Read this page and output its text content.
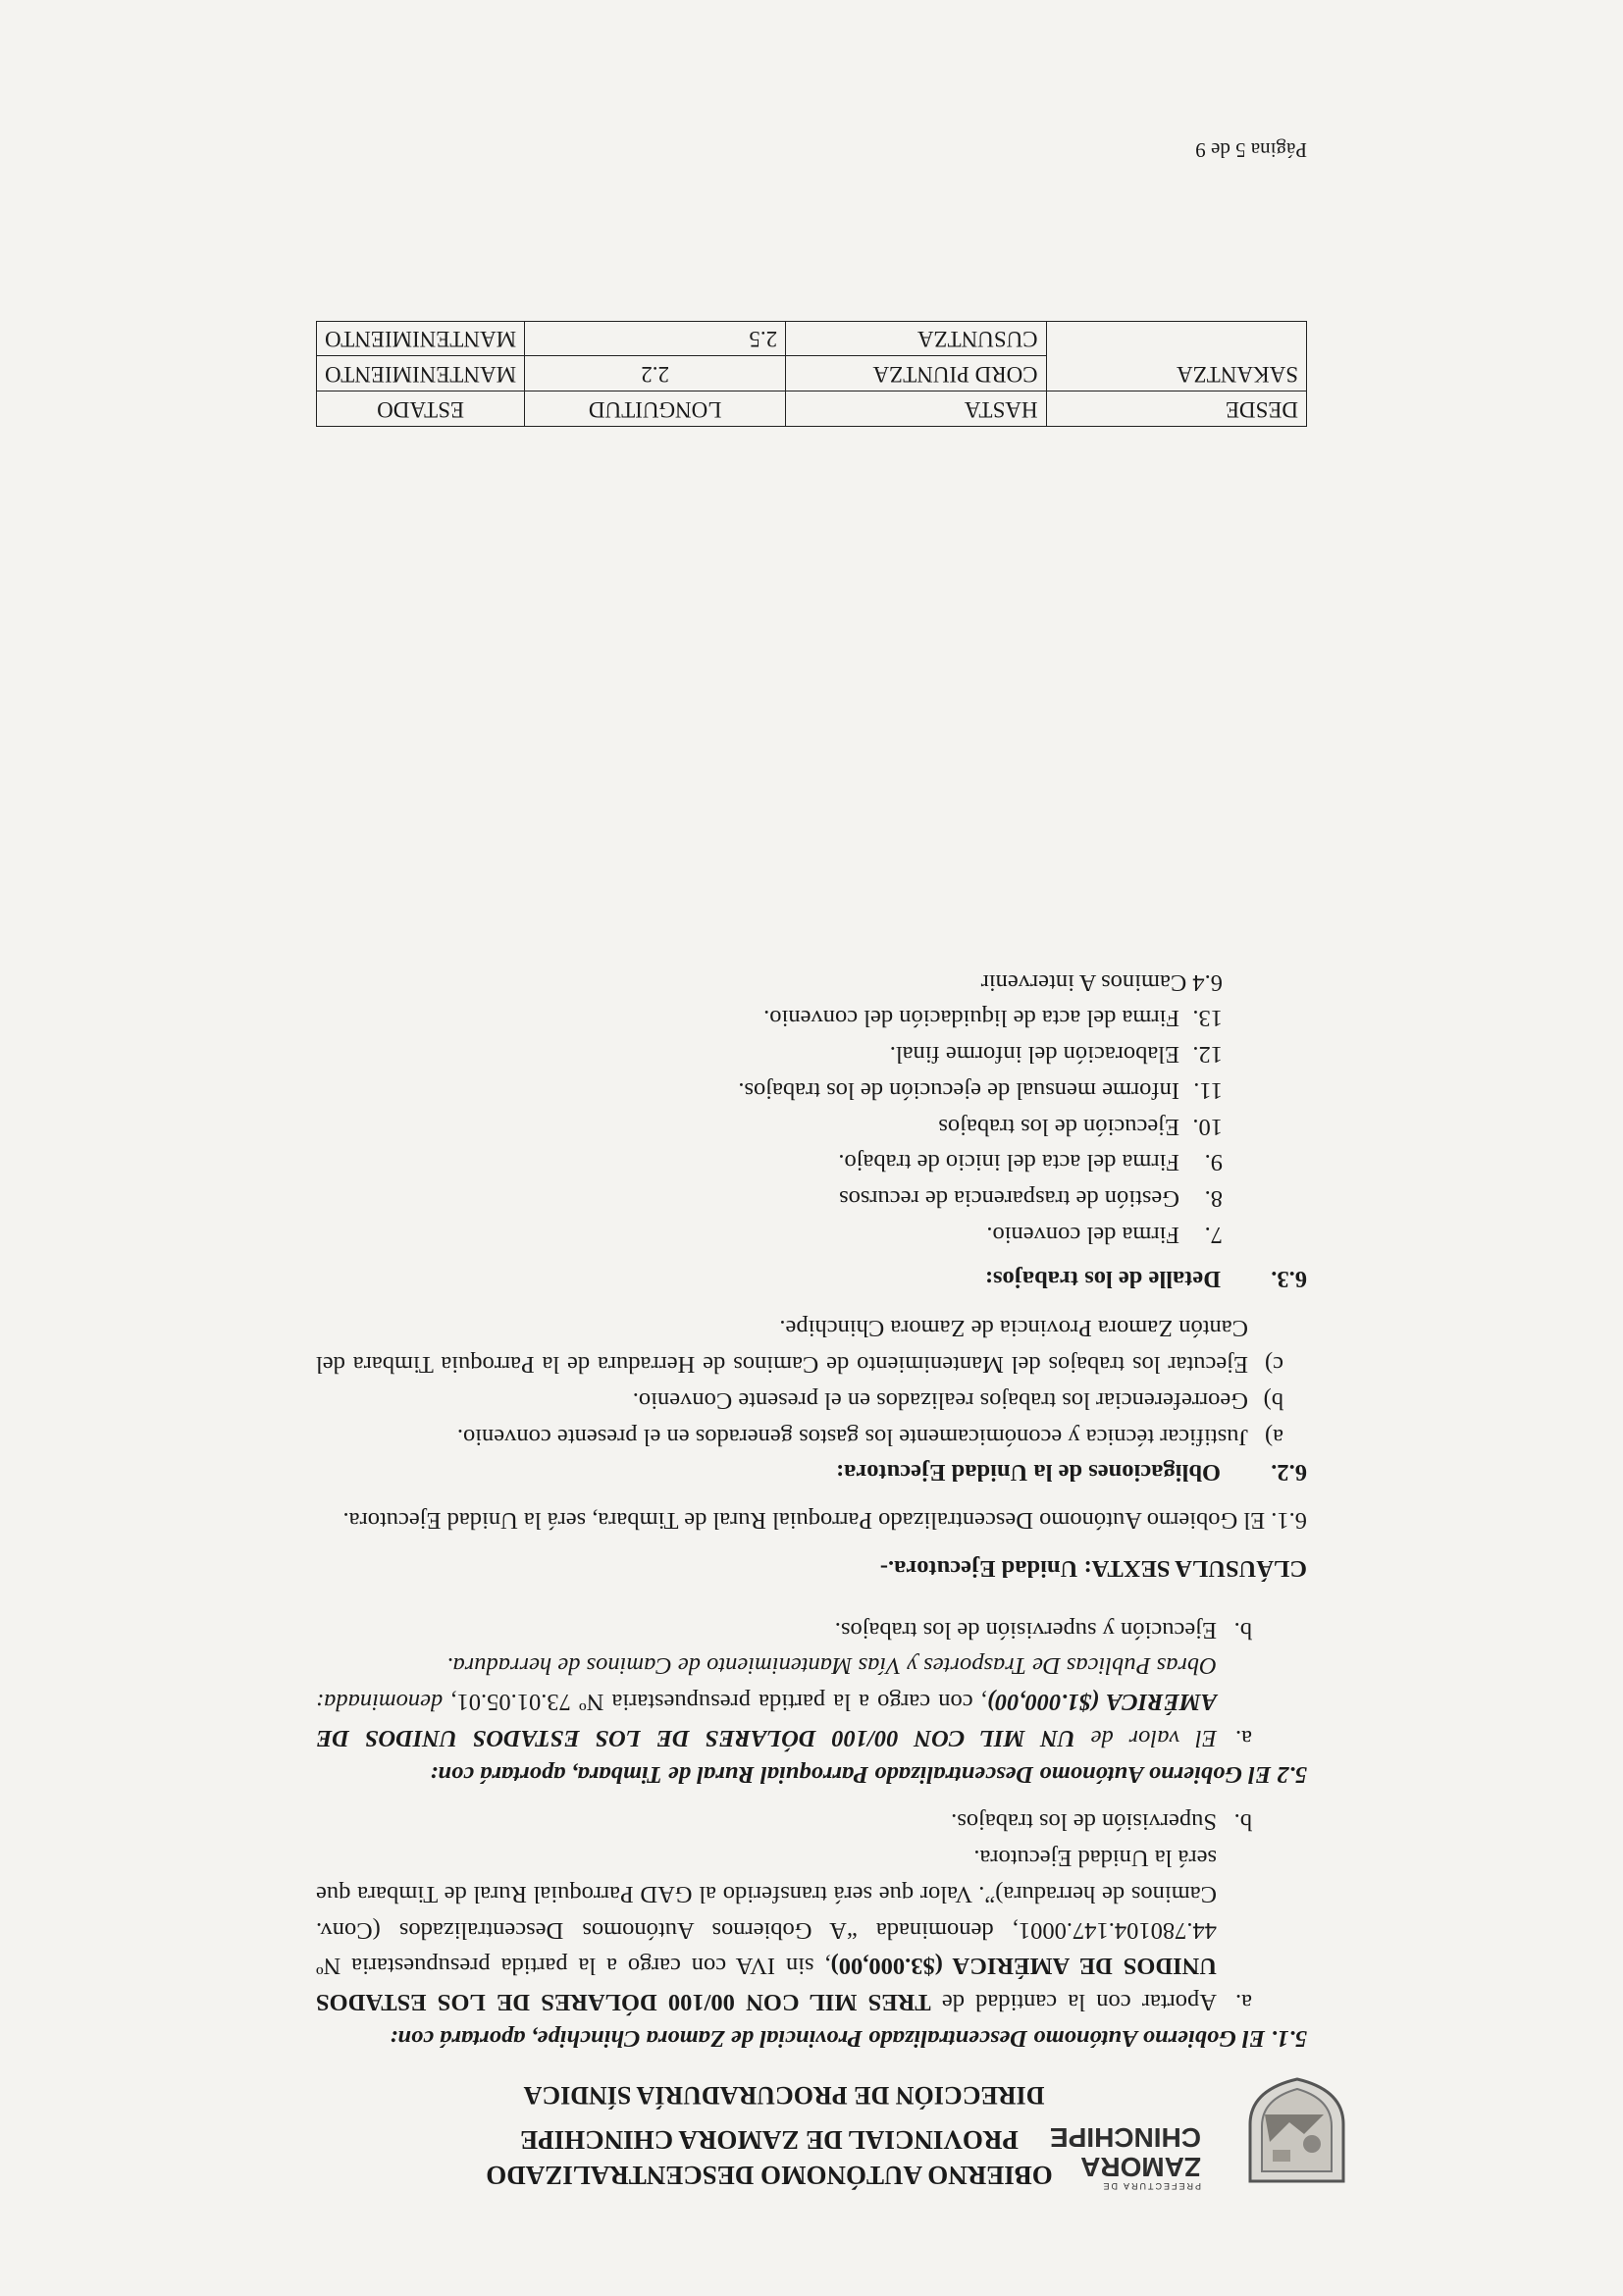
PREFECTURA DE
ZAMORA
CHINCHIPE
OBIERNO AUTÓNOMO DESCENTRALIZADO PROVINCIAL DE ZAMORA CHINCHIPE
DIRECCIÓN DE PROCURADURÍA SÍNDICA

5.1. El Gobierno Autónomo Descentralizado Provincial de Zamora Chinchipe, aportará con:

a.
Aportar con la cantidad de TRES MIL CON 00/100 DÓLARES DE LOS ESTADOS UNIDOS DE AMÉRICA ($3.000,00), sin IVA con cargo a la partida presupuestaria Nº 44.780104.147.0001, denominada “A Gobiernos Autónomos Descentralizados (Conv. Caminos de herradura)”. Valor que será transferido al GAD Parroquial Rural de Timbara que será la Unidad Ejecutora.
b.
Supervisión de los trabajos.

5.2 El Gobierno Autónomo Descentralizado Parroquial Rural de Timbara, aportará con:

a.
El valor de UN MIL CON 00/100 DÓLARES DE LOS ESTADOS UNIDOS DE AMÉRICA ($1.000,00), con cargo a la partida presupuestaria Nº 73.01.05.01, denominada: Obras Publicas De Trasportes y Vías Mantenimiento de Caminos de herradura.
b.
Ejecución y supervisión de los trabajos.

CLÁUSULA SEXTA: Unidad Ejecutora.-

6.1. El Gobierno Autónomo Descentralizado Parroquial Rural de Timbara, será la Unidad Ejecutora.

6.2.
Obligaciones de la Unidad Ejecutora:
a)
Justificar técnica y económicamente los gastos generados en el presente convenio.
b)
Georreferenciar los trabajos realizados en el presente Convenio.
c)
Ejecutar los trabajos del Mantenimiento de Caminos de Herradura de la Parroquia Timbara del Cantón Zamora Provincia de Zamora Chinchipe.
6.3.
Detalle de los trabajos:
7.
Firma del convenio.
8.
Gestión de trasparencia de recursos
9.
Firma del acta del inicio de trabajo.
10.
Ejecución de los trabajos
11.
Informe mensual de ejecución de los trabajos.
12.
Elaboración del informe final.
13.
Firma del acta de liquidación del convenio.

6.4 Caminos A intervenir

DESDE	HASTA	LONGUITUD	ESTADO
SAKANTZA	CORD PIUNTZA	2.2	MANTENIMIENTO
	CUSUNTZA	2.5	MANTENIMIENTO
Página 5 de 9
